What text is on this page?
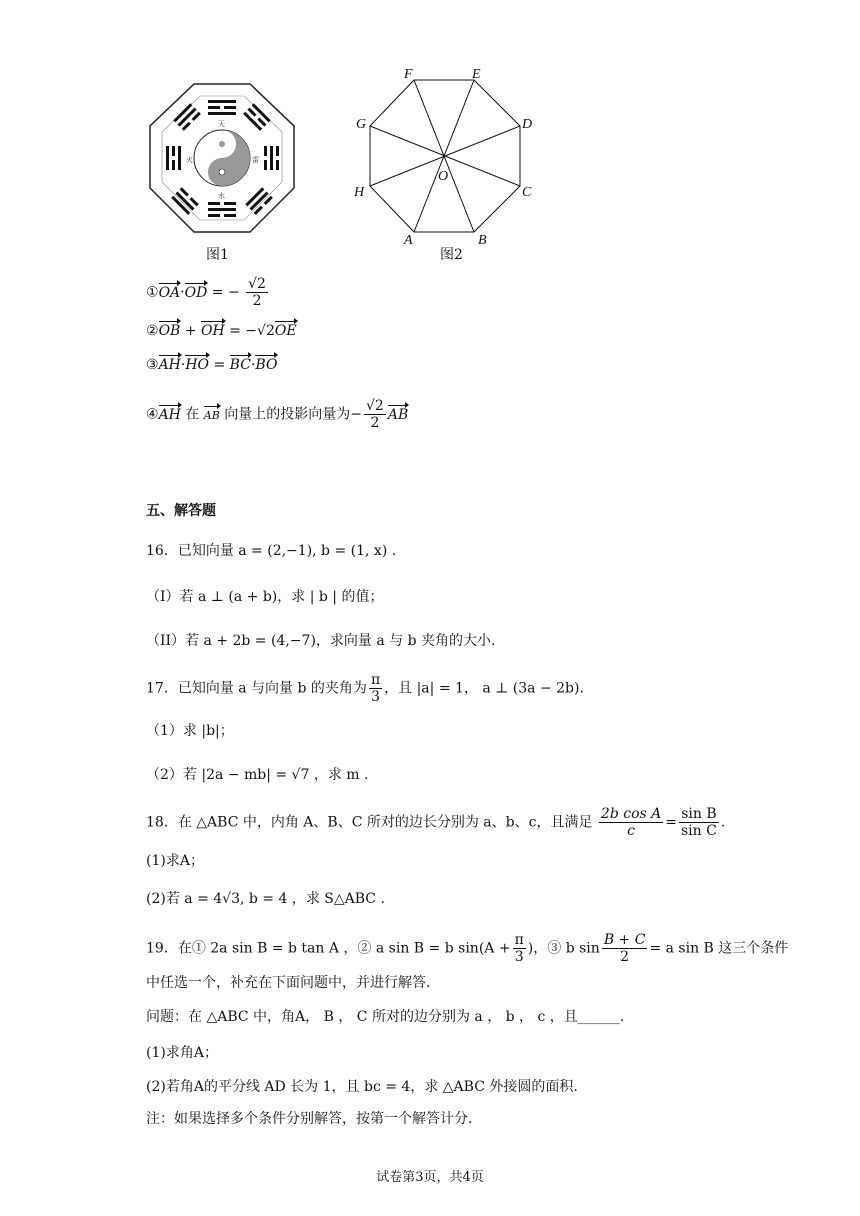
天
水
火	雷
图1
F	E
D
C
B
A
H
G
O
图2
①OA·OD = − $\frac{√2}{2}$
②OB + OH = −√2OE
③AH·HO = BC·BO
④AH 在 AB 向量上的投影向量为− $\frac{√2}{2}$ AB
五、解答题
16．已知向量 a = (2,−1), b = (1, x) .
（I）若 a ⊥ (a + b)，求 | b | 的值；
（II）若 a + 2b = (4,−7)，求向量 a 与 b 夹角的大小.
17．已知向量 a 与向量 b 的夹角为 $\frac{\pi}{3}$ ，且 |a| = 1， a ⊥ (3a − 2b).
（1）求 |b|；
（2）若 |2a − mb| = √7 ，求 m .
18．在 △ABC 中，内角 A、B、C 所对的边长分别为 a、b、c，且满足 $\frac{\text{2b cos A}}{c} = \frac{\text{sin B}}{\text{sin C}}$ .
(1)求A；
(2)若 a = 4√3, b = 4 ，求 S△ABC .
19．在① 2a sin B = b tan A ，② a sin B = b $\sin(A + \frac{\pi}{3}$ )，③ b $\sin \frac{B + C}{2} = a$ sin B 这三个条件
中任选一个，补充在下面问题中，并进行解答.
问题：在 △ABC 中，角A， B ， C 所对的边分别为 a ， b ， c ，且______.
(1)求角A；
(2)若角A的平分线 AD 长为 1，且 bc = 4，求 △ABC 外接圆的面积.
注：如果选择多个条件分别解答，按第一个解答计分.
试卷第3页，共4页
